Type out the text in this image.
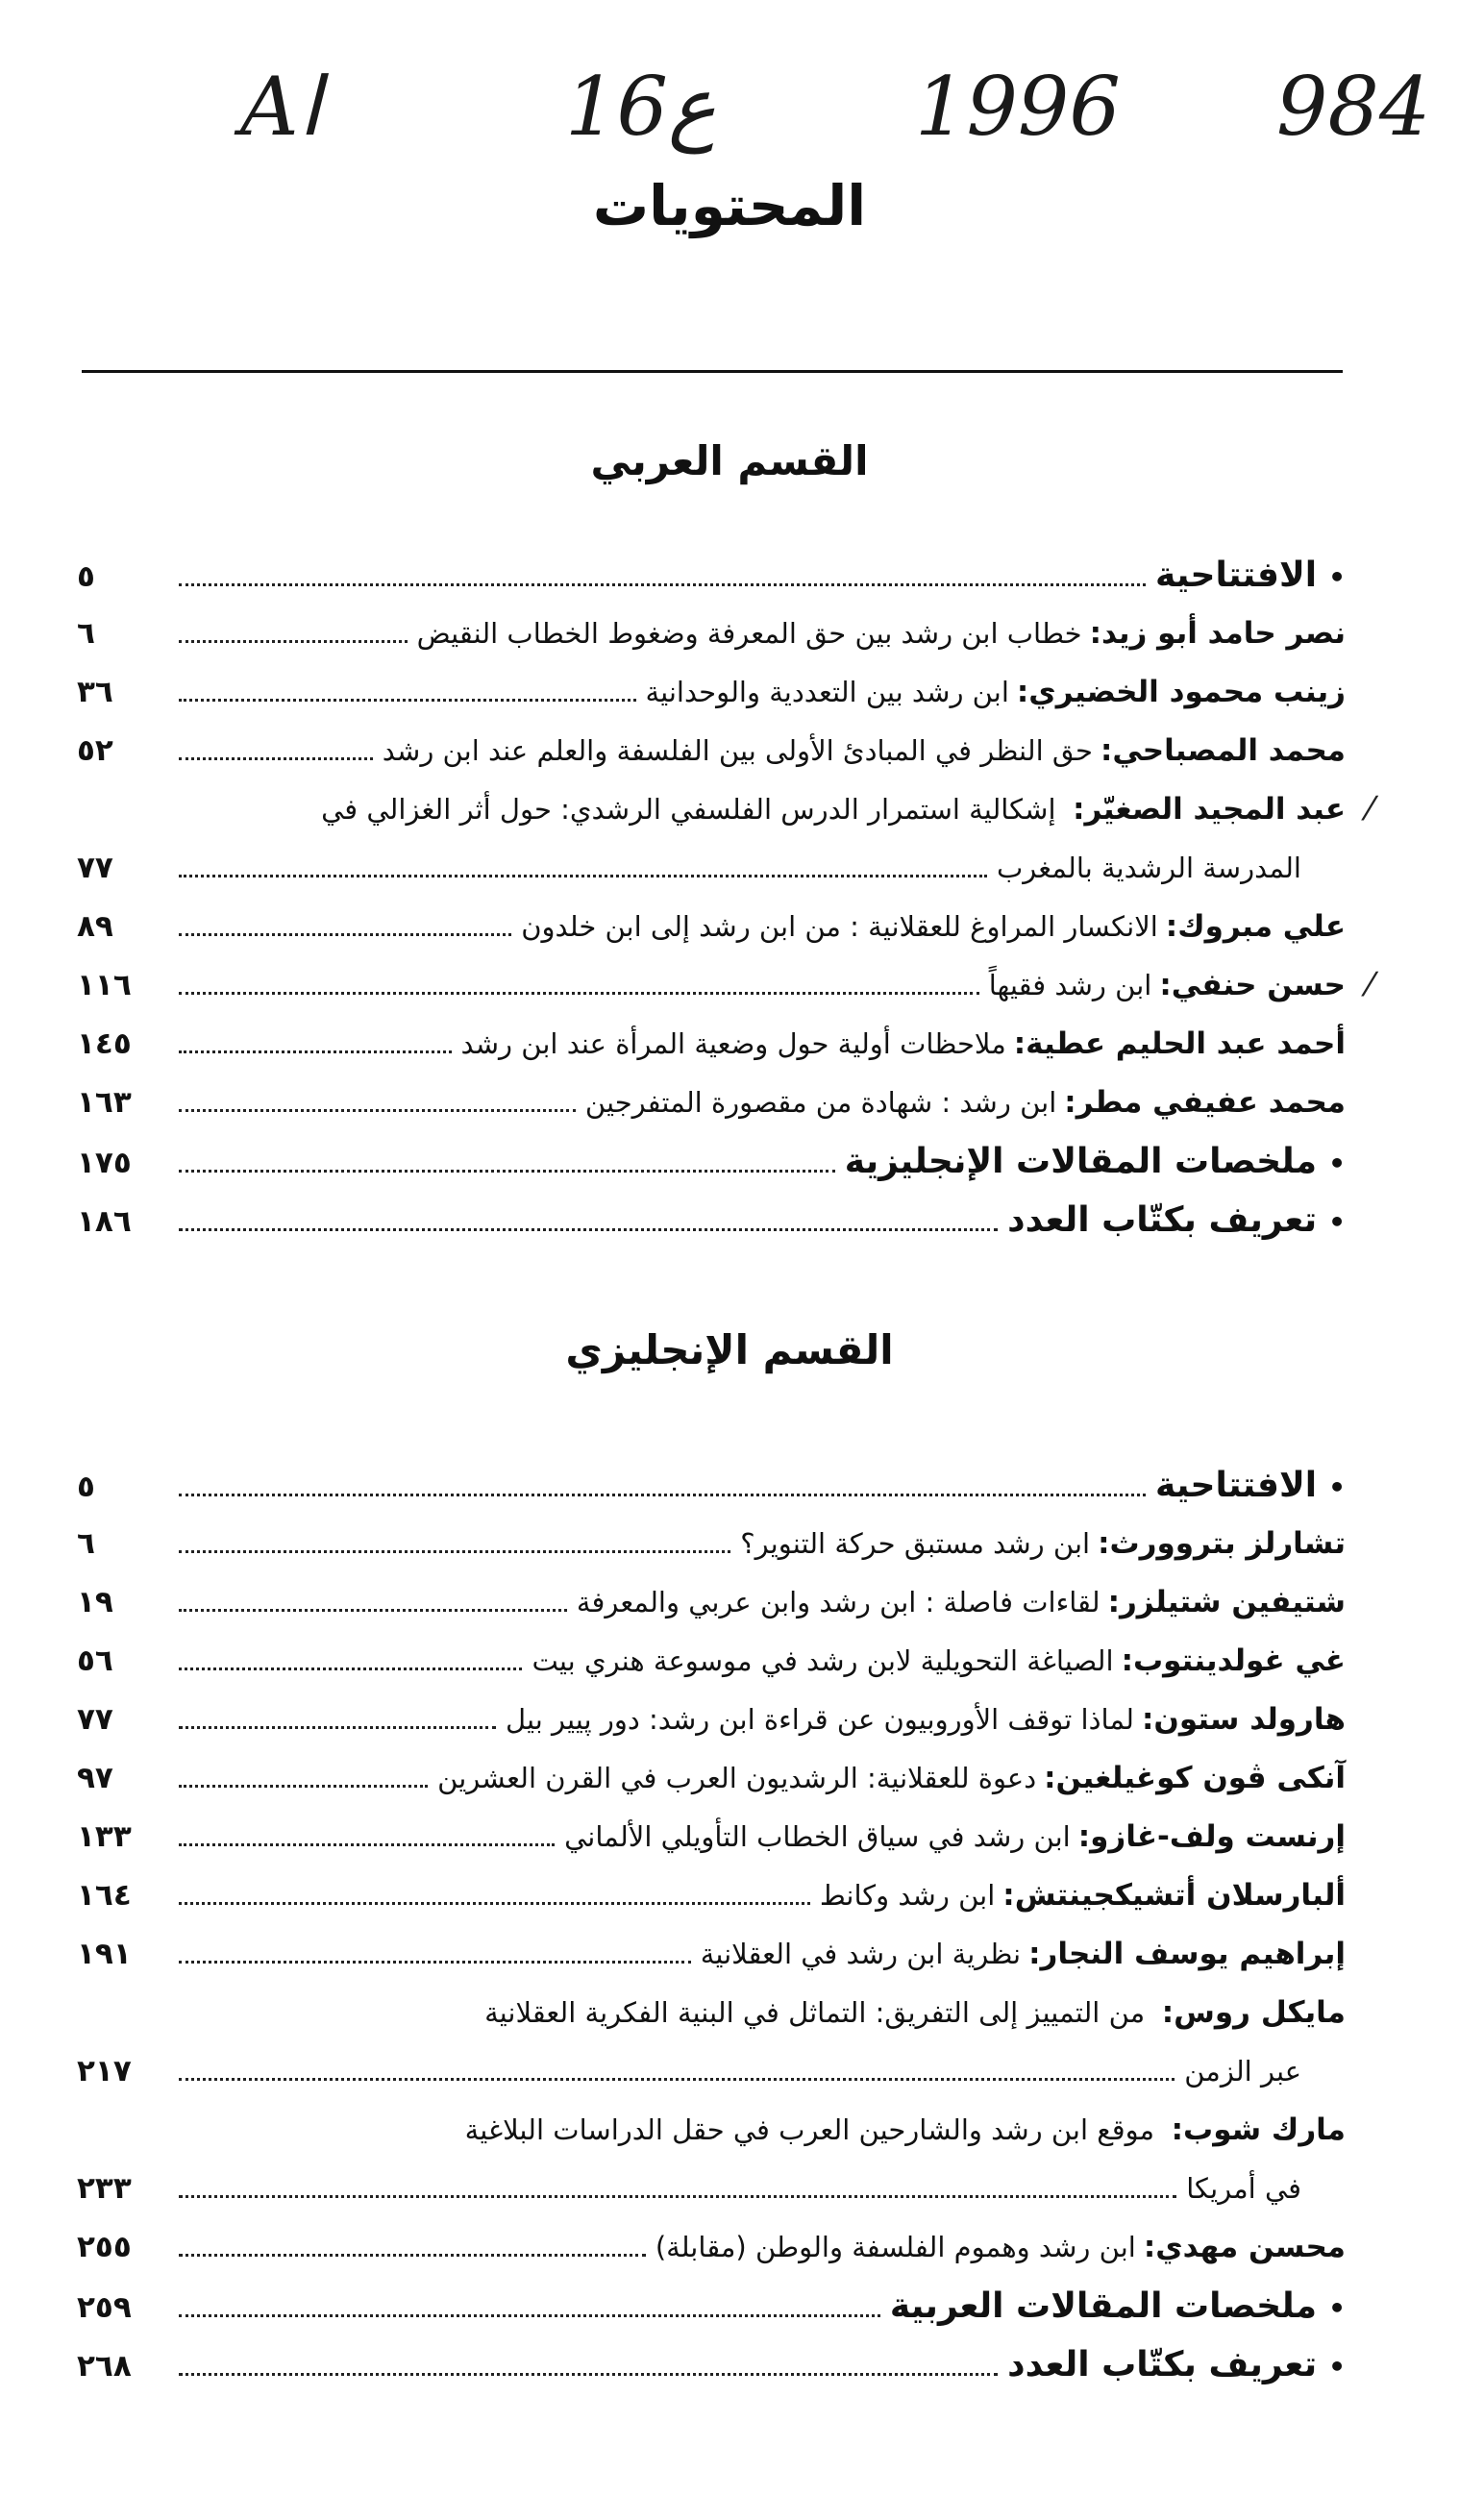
Aا	16ع 1996 984
المحتويات
القسم العربي
•
الافتتاحية
٥
نصر حامد أبو زيد:
خطاب ابن رشد بين حق المعرفة وضغوط الخطاب النقيض
٦
زينب محمود الخضيري:
ابن رشد بين التعددية والوحدانية
٣٦
محمد المصباحي:
حق النظر في المبادئ الأولى بين الفلسفة والعلم عند ابن رشد
٥٢
⁄
عبد المجيد الصغيّر: إشكالية استمرار الدرس الفلسفي الرشدي: حول أثر الغزالي في
المدرسة الرشدية بالمغرب
٧٧
علي مبروك:
الانكسار المراوغ للعقلانية : من ابن رشد إلى ابن خلدون
٨٩
⁄
حسن حنفي:
ابن رشد فقيهاً
١١٦
أحمد عبد الحليم عطية:
ملاحظات أولية حول وضعية المرأة عند ابن رشد
١٤٥
محمد عفيفي مطر:
ابن رشد : شهادة من مقصورة المتفرجين
١٦٣
•
ملخصات المقالات الإنجليزية
١٧٥
•
تعريف بكتّاب العدد
١٨٦
القسم الإنجليزي
•
الافتتاحية
٥
تشارلز بتروورث:
ابن رشد مستبق حركة التنوير؟
٦
شتيفين شتيلزر:
لقاءات فاصلة : ابن رشد وابن عربي والمعرفة
١٩
غي غولدينتوب:
الصياغة التحويلية لابن رشد في موسوعة هنري بيت
٥٦
هارولد ستون:
لماذا توقف الأوروبيون عن قراءة ابن رشد: دور پيير بيل
٧٧
آنكى ڤون كوغيلغين:
دعوة للعقلانية: الرشديون العرب في القرن العشرين
٩٧
إرنست ولف-غازو:
ابن رشد في سياق الخطاب التأويلي الألماني
١٣٣
ألبارسلان أتشيكجينتش:
ابن رشد وكانط
١٦٤
إبراهيم يوسف النجار:
نظرية ابن رشد في العقلانية
١٩١
مايكل روس: من التمييز إلى التفريق: التماثل في البنية الفكرية العقلانية
عبر الزمن
٢١٧
مارك شوب: موقع ابن رشد والشارحين العرب في حقل الدراسات البلاغية
في أمريكا
٢٣٣
محسن مهدي:
ابن رشد وهموم الفلسفة والوطن (مقابلة)
٢٥٥
•
ملخصات المقالات العربية
٢٥٩
•
تعريف بكتّاب العدد
٢٦٨
